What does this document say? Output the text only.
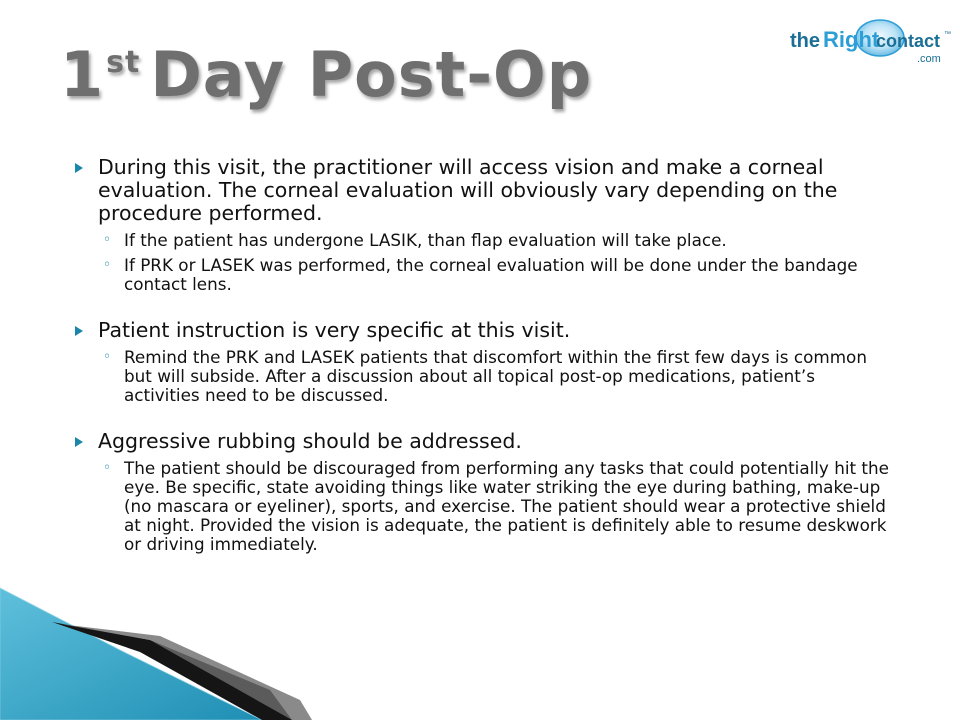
1st Day Post-Op	the Right
contact ™
.com

During this visit, the practitioner will access vision and make a corneal evaluation. The corneal evaluation will obviously vary depending on the procedure performed.

◦ If the patient has undergone LASIK, than flap evaluation will take place.

◦ If PRK or LASEK was performed, the corneal evaluation will be done under the bandage contact lens.

Patient instruction is very specific at this visit.

◦ Remind the PRK and LASEK patients that discomfort within the first few days is common but will subside. After a discussion about all topical post-op medications, patient’s activities need to be discussed.

Aggressive rubbing should be addressed.

◦ The patient should be discouraged from performing any tasks that could potentially hit the eye. Be specific, state avoiding things like water striking the eye during bathing, make-up (no mascara or eyeliner), sports, and exercise. The patient should wear a protective shield at night. Provided the vision is adequate, the patient is definitely able to resume deskwork or driving immediately.
